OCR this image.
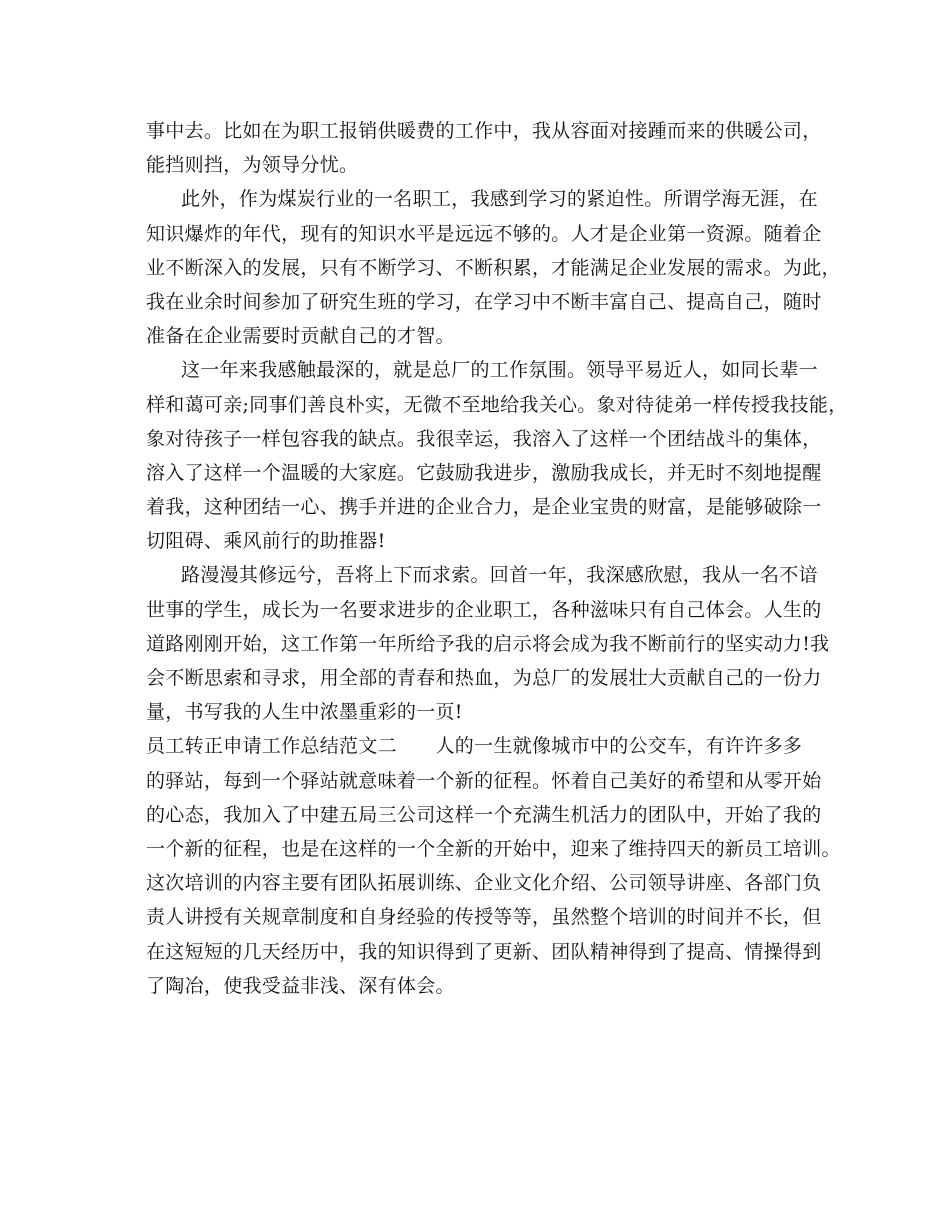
事中去。比如在为职工报销供暖费的工作中，我从容面对接踵而来的供暖公司，
能挡则挡，为领导分忧。
此外，作为煤炭行业的一名职工，我感到学习的紧迫性。所谓学海无涯，在
知识爆炸的年代，现有的知识水平是远远不够的。人才是企业第一资源。随着企
业不断深入的发展，只有不断学习、不断积累，才能满足企业发展的需求。为此，
我在业余时间参加了研究生班的学习，在学习中不断丰富自己、提高自己，随时
准备在企业需要时贡献自己的才智。
这一年来我感触最深的，就是总厂的工作氛围。领导平易近人，如同长辈一
样和蔼可亲;同事们善良朴实，无微不至地给我关心。象对待徒弟一样传授我技能，
象对待孩子一样包容我的缺点。我很幸运，我溶入了这样一个团结战斗的集体，
溶入了这样一个温暖的大家庭。它鼓励我进步，激励我成长，并无时不刻地提醒
着我，这种团结一心、携手并进的企业合力，是企业宝贵的财富，是能够破除一
切阻碍、乘风前行的助推器!
路漫漫其修远兮，吾将上下而求索。回首一年，我深感欣慰，我从一名不谙
世事的学生，成长为一名要求进步的企业职工，各种滋味只有自己体会。人生的
道路刚刚开始，这工作第一年所给予我的启示将会成为我不断前行的坚实动力!我
会不断思索和寻求，用全部的青春和热血，为总厂的发展壮大贡献自己的一份力
量，书写我的人生中浓墨重彩的一页!
员工转正申请工作总结范文二　　人的一生就像城市中的公交车，有许许多多
的驿站，每到一个驿站就意味着一个新的征程。怀着自己美好的希望和从零开始
的心态，我加入了中建五局三公司这样一个充满生机活力的团队中，开始了我的
一个新的征程，也是在这样的一个全新的开始中，迎来了维持四天的新员工培训。
这次培训的内容主要有团队拓展训练、企业文化介绍、公司领导讲座、各部门负
责人讲授有关规章制度和自身经验的传授等等，虽然整个培训的时间并不长，但
在这短短的几天经历中，我的知识得到了更新、团队精神得到了提高、情操得到
了陶冶，使我受益非浅、深有体会。
